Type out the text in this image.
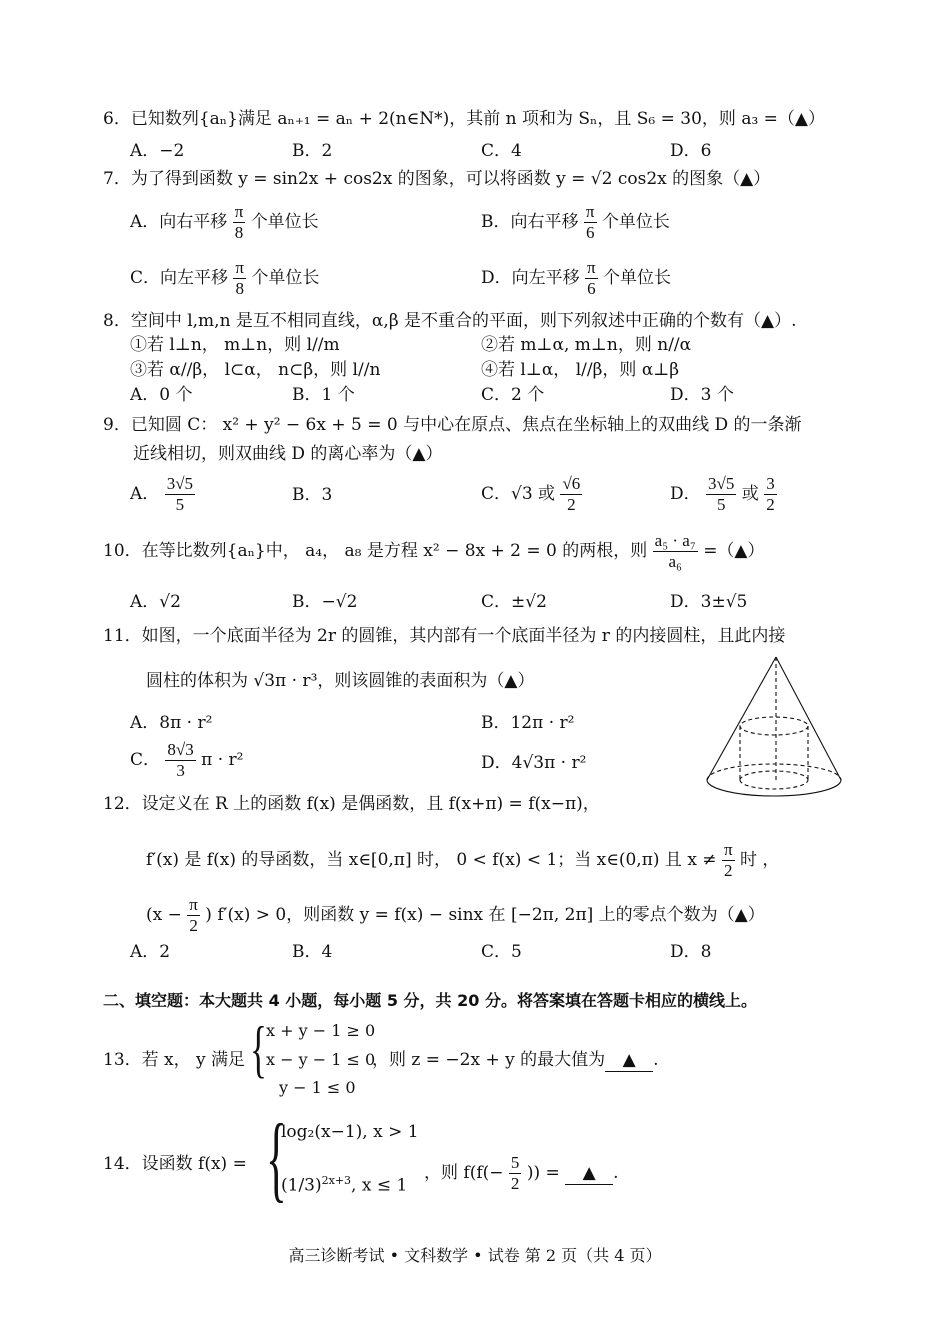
6．已知数列{aₙ}满足 aₙ₊₁ = aₙ + 2(n∈N*)，其前 n 项和为 Sₙ，且 S₆ = 30，则 a₃ =（▲）
A．−2	B．2	C．4	D．6
7．为了得到函数 y = sin2x + cos2x 的图象，可以将函数 y = √2 cos2x 的图象（▲）
A．向右平移 $\frac{\pi}{8}$ 个单位长	B．向右平移 $\frac{\pi}{6}$ 个单位长
C．向左平移 $\frac{\pi}{8}$ 个单位长	D．向左平移 $\frac{\pi}{6}$ 个单位长
8．空间中 l,m,n 是互不相同直线，α,β 是不重合的平面，则下列叙述中正确的个数有（▲）.
①若 l⊥n， m⊥n，则 l//m	②若 m⊥α, m⊥n，则 n//α
③若 α//β， l⊂α， n⊂β，则 l//n	④若 l⊥α， l//β，则 α⊥β
A．0 个	B．1 个	C．2 个	D．3 个
9．已知圆 C： x² + y² − 6x + 5 = 0 与中心在原点、焦点在坐标轴上的双曲线 D 的一条渐
近线相切，则双曲线 D 的离心率为（▲）
A． $\frac{3√5}{5}$	B．3	C．√3 或 $\frac{√6}{2}$	D． $\frac{3√5}{5}$ 或 $\frac{3}{2}$
10．在等比数列{aₙ}中， a₄， a₈ 是方程 x² − 8x + 2 = 0 的两根，则 $\frac{\text{a₅ · a₇}}{\text{a₆}}$ =（▲）
A．√2	B．−√2	C．±√2	D．3±√5
11．如图，一个底面半径为 2r 的圆锥，其内部有一个底面半径为 r 的内接圆柱，且此内接
圆柱的体积为 √3π · r³，则该圆锥的表面积为（▲）
A．8π · r²	B．12π · r²
C． $\frac{8√3}{3}$ π · r²	D．4√3π · r²
12．设定义在 R 上的函数 f(x) 是偶函数，且 f(x+π) = f(x−π)，
f′(x) 是 f(x) 的导函数，当 x∈[0,π] 时， 0 < f(x) < 1；当 x∈(0,π) 且 $x \ne \frac{\pi}{2}$ 时 ，
($x - \frac{\pi}{2}$ ) f′(x) > 0，则函数 y = f(x) − sinx 在 [−2π, 2π] 上的零点个数为（▲）
A．2	B．4	C．5	D．8
二、填空题：本大题共 4 小题，每小题 5 分，共 20 分。将答案填在答题卡相应的横线上。
13．若 x， y 满足 { x + y − 1 ≥ 0
x − y − 1 ≤ 0
y − 1 ≤ 0
，则 z = −2x + y 的最大值为 ▲ .
14．设函数 f(x) = {
log₂(x−1), x > 1
$(1/3)^{2x+3}$, x ≤ 1
，则 $f(f(- \frac{5}{2}$ )) = ▲ .
高三诊断考试 • 文科数学 • 试卷 第 2 页（共 4 页）
